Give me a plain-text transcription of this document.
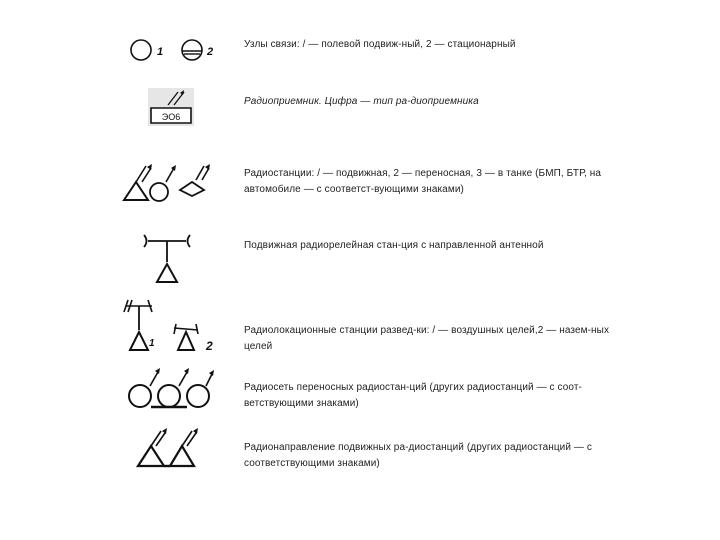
1	2
Узлы связи: / — полевой подвиж-ный, 2 — стационарный
ЭО6
Радиоприемник. Цифра — тип ра-диоприемника
Радиостанции: / — подвижная, 2 — переносная, 3 — в танке (БМП, БТР, на автомобиле — с соответст-вующими знаками)
Подвижная радиорелейная стан-ция с направленной антенной
1	2
Радиолокационные станции развед-ки: / — воздушных целей,2 — назем-ных целей
Радиосеть переносных радиостан-ций (других радиостанций — с соот-ветствующими знаками)
Радионаправление подвижных ра-диостанций (других радиостанций — с соответствующими знаками)
